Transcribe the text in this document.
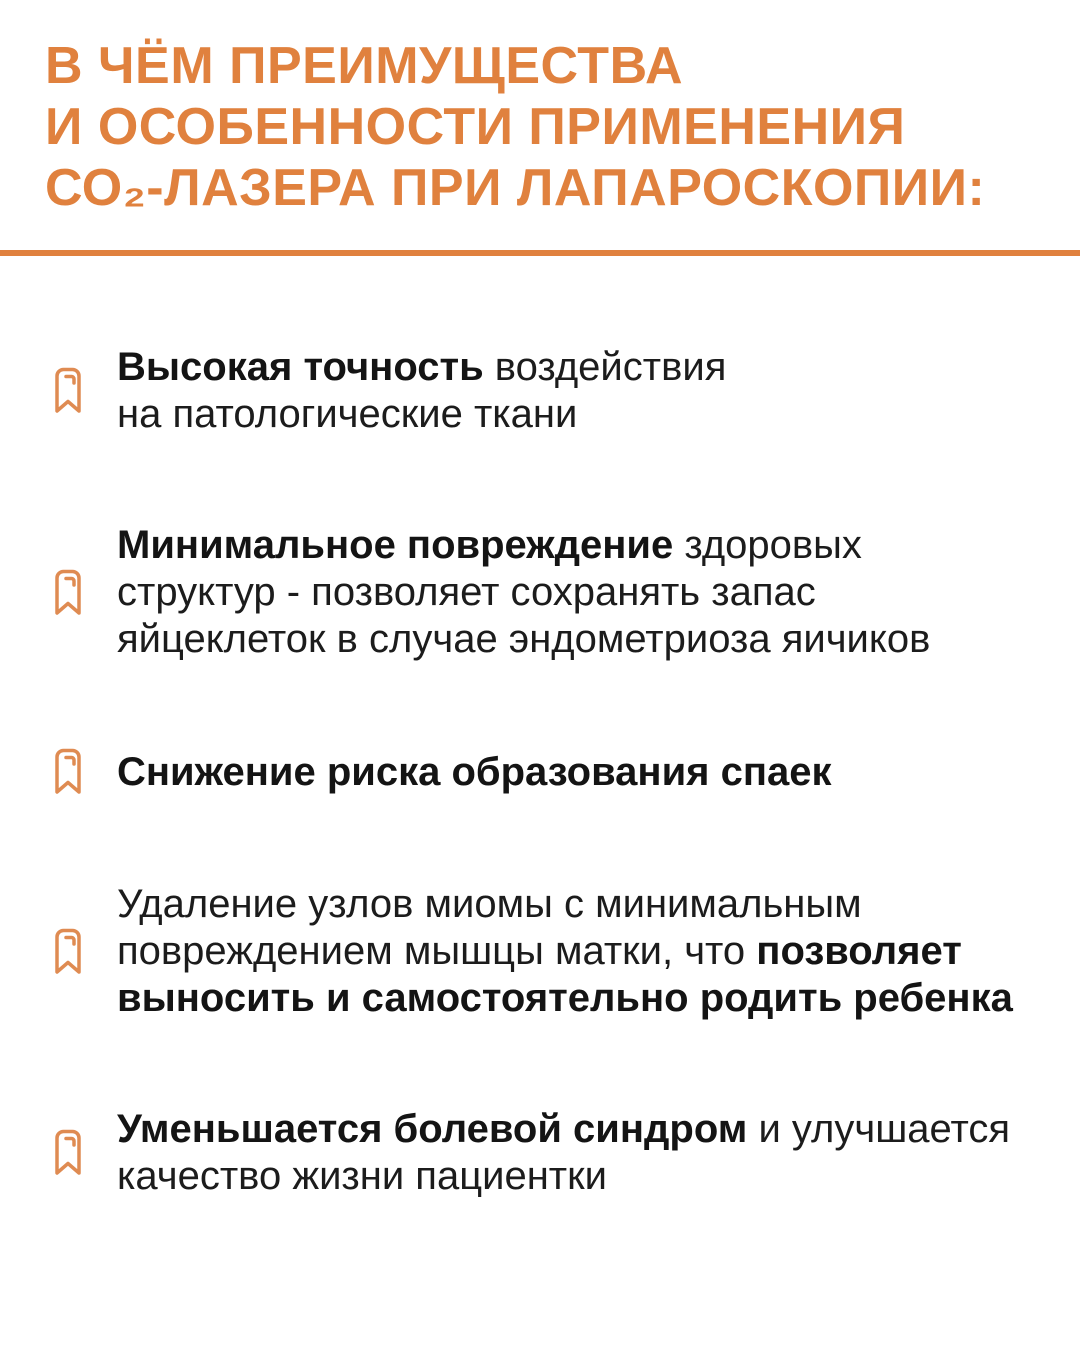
В ЧЁМ ПРЕИМУЩЕСТВА
И ОСОБЕННОСТИ ПРИМЕНЕНИЯ
СО₂-ЛАЗЕРА ПРИ ЛАПАРОСКОПИИ:
Высокая точность воздействия
на патологические ткани
Минимальное повреждение здоровых
структур - позволяет сохранять запас
яйцеклеток в случае эндометриоза яичиков
Снижение риска образования спаек
Удаление узлов миомы с минимальным
повреждением мышцы матки, что позволяет
выносить и самостоятельно родить ребенка
Уменьшается болевой синдром и улучшается
качество жизни пациентки
